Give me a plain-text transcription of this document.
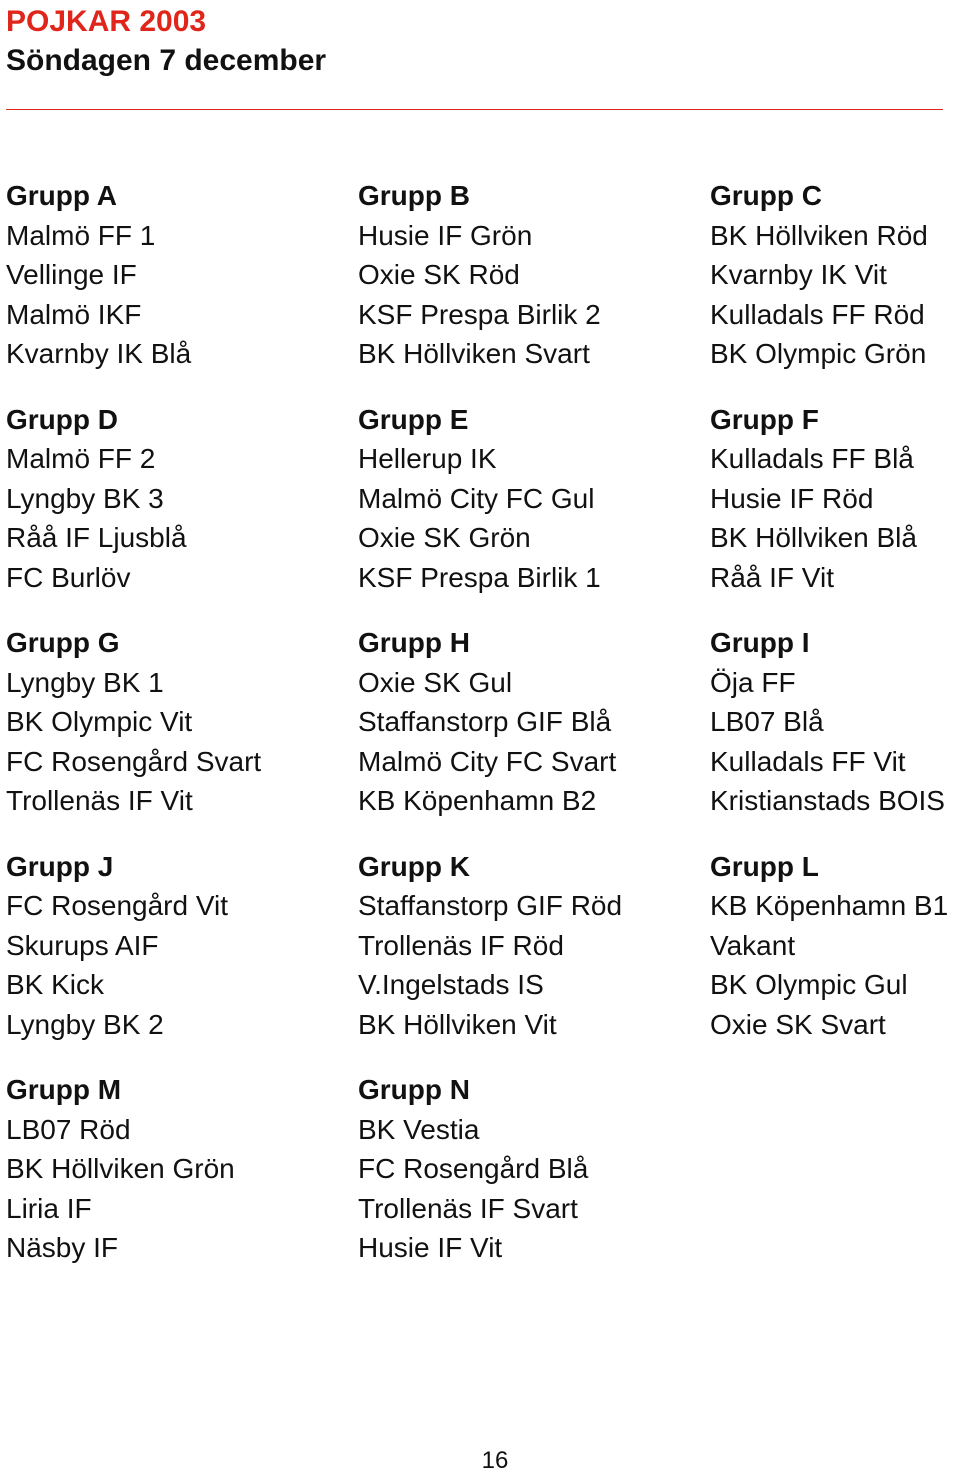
POJKAR 2003
Söndagen 7 december
Grupp A
Malmö FF 1
Vellinge IF
Malmö IKF
Kvarnby IK Blå
Grupp B
Husie IF Grön
Oxie SK Röd
KSF Prespa Birlik 2
BK Höllviken Svart
Grupp C
BK Höllviken Röd
Kvarnby IK Vit
Kulladals FF Röd
BK Olympic Grön
Grupp D
Malmö FF 2
Lyngby BK 3
Råå IF Ljusblå
FC Burlöv
Grupp E
Hellerup IK
Malmö City FC Gul
Oxie SK Grön
KSF Prespa Birlik 1
Grupp F
Kulladals FF Blå
Husie IF Röd
BK Höllviken Blå
Råå IF Vit
Grupp G
Lyngby BK 1
BK Olympic Vit
FC Rosengård Svart
Trollenäs IF Vit
Grupp H
Oxie SK Gul
Staffanstorp GIF Blå
Malmö City FC Svart
KB Köpenhamn B2
Grupp I
Öja FF
LB07 Blå
Kulladals FF Vit
Kristianstads BOIS
Grupp J
FC Rosengård Vit
Skurups AIF
BK Kick
Lyngby BK 2
Grupp K
Staffanstorp GIF Röd
Trollenäs IF Röd
V.Ingelstads IS
BK Höllviken Vit
Grupp L
KB Köpenhamn B1
Vakant
BK Olympic Gul
Oxie SK Svart
Grupp M
LB07 Röd
BK Höllviken Grön
Liria IF
Näsby IF
Grupp N
BK Vestia
FC Rosengård Blå
Trollenäs IF Svart
Husie IF Vit
16
